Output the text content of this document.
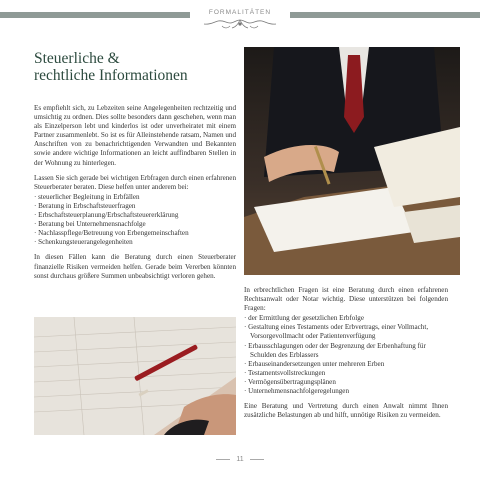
FORMALITÄTEN
Steuerliche &
rechtliche Informationen

Es empfiehlt sich, zu Lebzeiten seine Angelegenheiten rechtzeitig und umsichtig zu ordnen. Dies sollte besonders dann geschehen, wenn man als Einzelperson lebt und kinderlos ist oder unverheiratet mit einem Partner zusammenlebt. So ist es für Alleinstehende ratsam, Namen und Anschriften von zu benachrichtigenden Verwandten und Bekannten sowie andere wichtige Informationen an leicht auffindbaren Stellen in der Wohnung zu hinterlegen.

Lassen Sie sich gerade bei wichtigen Erbfragen durch einen erfahrenen Steuerberater beraten. Diese helfen unter anderem bei:

· steuerlicher Begleitung in Erbfällen
· Beratung in Erbschaftsteuerfragen
· Erbschaftsteuerplanung/Erbschaftsteuererklärung
· Beratung bei Unternehmensnachfolge
· Nachlasspflege/Betreuung von Erbengemeinschaften
· Schenkungsteuerangelegenheiten

In diesen Fällen kann die Beratung durch einen Steuerberater finanzielle Risiken vermeiden helfen. Gerade beim Vererben könnten sonst durchaus größere Summen unbeabsichtigt verloren gehen.

In erbrechtlichen Fragen ist eine Beratung durch einen erfahrenen Rechtsanwalt oder Notar wichtig. Diese unterstützen bei folgenden Fragen:

· der Ermittlung der gesetzlichen Erbfolge
· Gestaltung eines Testaments oder Erbvertrags, einer Vollmacht, Vorsorgevollmacht oder Patientenverfügung
· Erbausschlagungen oder der Begrenzung der Erbenhaftung für Schulden des Erblassers
· Erbauseinandersetzungen unter mehreren Erben
· Testamentsvollstreckungen
· Vermögensübertragungsplänen
· Unternehmensnachfolgeregelungen

Eine Beratung und Vertretung durch einen Anwalt nimmt Ihnen zusätzliche Belastungen ab und hilft, unnötige Risiken zu vermeiden.

11
